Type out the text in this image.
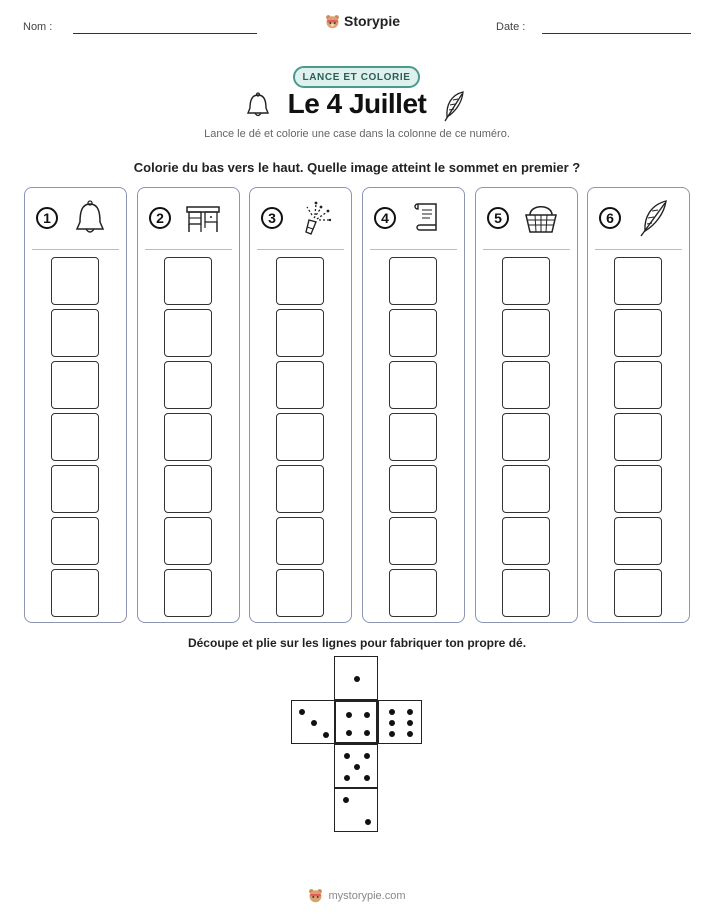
Nom :	Storypie	Date :
LANCE ET COLORIE
Le 4 Juillet
Lance le dé et colorie une case dans la colonne de ce numéro.
Colorie du bas vers le haut. Quelle image atteint le sommet en premier ?
1	2	3	4	5	6
Découpe et plie sur les lignes pour fabriquer ton propre dé.
mystorypie.com
